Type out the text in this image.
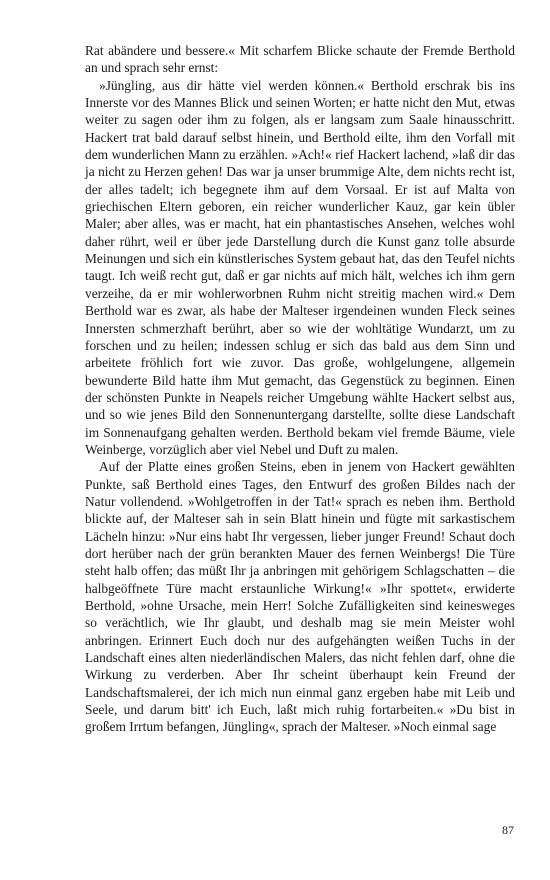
Rat abändere und bessere.« Mit scharfem Blicke schaute der Fremde Berthold an und sprach sehr ernst:

»Jüngling, aus dir hätte viel werden können.« Berthold erschrak bis ins Innerste vor des Mannes Blick und seinen Worten; er hatte nicht den Mut, etwas weiter zu sagen oder ihm zu folgen, als er langsam zum Saale hinausschritt. Hackert trat bald darauf selbst hinein, und Berthold eilte, ihm den Vorfall mit dem wunderlichen Mann zu erzählen. »Ach!« rief Hackert lachend, »laß dir das ja nicht zu Herzen gehen! Das war ja unser brummige Alte, dem nichts recht ist, der alles tadelt; ich begegnete ihm auf dem Vorsaal. Er ist auf Malta von griechischen Eltern geboren, ein reicher wunderlicher Kauz, gar kein übler Maler; aber alles, was er macht, hat ein phantastisches Ansehen, welches wohl daher rührt, weil er über jede Darstellung durch die Kunst ganz tolle absurde Meinungen und sich ein künstlerisches System gebaut hat, das den Teufel nichts taugt. Ich weiß recht gut, daß er gar nichts auf mich hält, welches ich ihm gern verzeihe, da er mir wohlerworbnen Ruhm nicht streitig machen wird.« Dem Berthold war es zwar, als habe der Malteser irgendeinen wunden Fleck seines Innersten schmerzhaft berührt, aber so wie der wohltätige Wundarzt, um zu forschen und zu heilen; indessen schlug er sich das bald aus dem Sinn und arbeitete fröhlich fort wie zuvor. Das große, wohlgelungene, allgemein bewunderte Bild hatte ihm Mut gemacht, das Gegenstück zu beginnen. Einen der schönsten Punkte in Neapels reicher Umgebung wählte Hackert selbst aus, und so wie jenes Bild den Sonnenuntergang darstellte, sollte diese Landschaft im Sonnenaufgang gehalten werden. Berthold bekam viel fremde Bäume, viele Weinberge, vorzüglich aber viel Nebel und Duft zu malen.

Auf der Platte eines großen Steins, eben in jenem von Hackert gewählten Punkte, saß Berthold eines Tages, den Entwurf des großen Bildes nach der Natur vollendend. »Wohlgetroffen in der Tat!« sprach es neben ihm. Berthold blickte auf, der Malteser sah in sein Blatt hinein und fügte mit sarkastischem Lächeln hinzu: »Nur eins habt Ihr vergessen, lieber junger Freund! Schaut doch dort herüber nach der grün berankten Mauer des fernen Weinbergs! Die Türe steht halb offen; das müßt Ihr ja anbringen mit gehörigem Schlagschatten – die halbgeöffnete Türe macht erstaunliche Wirkung!« »Ihr spottet«, erwiderte Berthold, »ohne Ursache, mein Herr! Solche Zufälligkeiten sind keinesweges so verächtlich, wie Ihr glaubt, und deshalb mag sie mein Meister wohl anbringen. Erinnert Euch doch nur des aufgehängten weißen Tuchs in der Landschaft eines alten niederländischen Malers, das nicht fehlen darf, ohne die Wirkung zu verderben. Aber Ihr scheint überhaupt kein Freund der Landschaftsmalerei, der ich mich nun einmal ganz ergeben habe mit Leib und Seele, und darum bitt' ich Euch, laßt mich ruhig fortarbeiten.« »Du bist in großem Irrtum befangen, Jüngling«, sprach der Malteser. »Noch einmal sage

87
